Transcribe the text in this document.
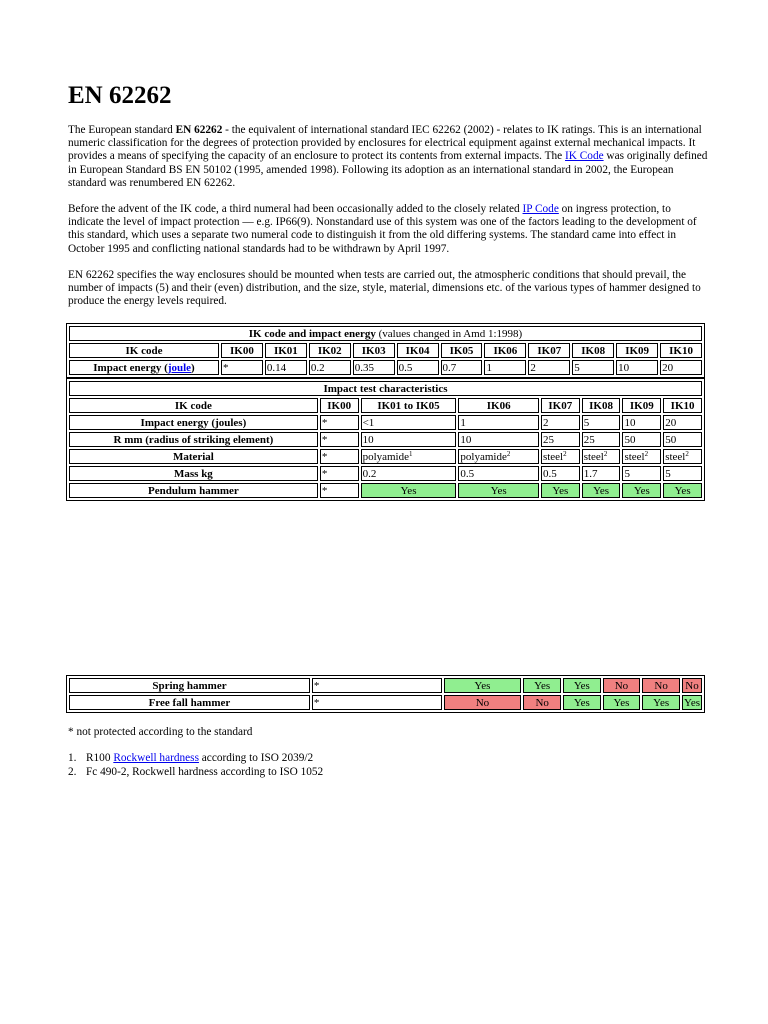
EN 62262

The European standard EN 62262 - the equivalent of international standard IEC 62262 (2002) - relates to IK ratings. This is an international numeric classification for the degrees of protection provided by enclosures for electrical equipment against external mechanical impacts. It provides a means of specifying the capacity of an enclosure to protect its contents from external impacts. The IK Code was originally defined in European Standard BS EN 50102 (1995, amended 1998). Following its adoption as an international standard in 2002, the European standard was renumbered EN 62262.

Before the advent of the IK code, a third numeral had been occasionally added to the closely related IP Code on ingress protection, to indicate the level of impact protection — e.g. IP66(9). Nonstandard use of this system was one of the factors leading to the development of this standard, which uses a separate two numeral code to distinguish it from the old differing systems. The standard came into effect in October 1995 and conflicting national standards had to be withdrawn by April 1997.

EN 62262 specifies the way enclosures should be mounted when tests are carried out, the atmospheric conditions that should prevail, the number of impacts (5) and their (even) distribution, and the size, style, material, dimensions etc. of the various types of hammer designed to produce the energy levels required.

IK code and impact energy (values changed in Amd 1:1998)											
IK code	IK00	IK01	IK02	IK03	IK04	IK05	IK06	IK07	IK08	IK09	IK10
Impact energy (joule)	*	0.14	0.2	0.35	0.5	0.7	1	2	5	10	20
Impact test characteristics							
IK code	IK00	IK01 to IK05	IK06	IK07	IK08	IK09	IK10
Impact energy (joules)	*	<1	1	2	5	10	20
R mm (radius of striking element)	*	10	10	25	25	50	50
Material	*	polyamide$^1$	polyamide$^2$	steel$^2$	steel$^2$	steel$^2$	steel$^2$
Mass kg	*	0.2	0.5	0.5	1.7	5	5
Pendulum hammer	*	Yes	Yes	Yes	Yes	Yes	Yes
Spring hammer	*	Yes	Yes	Yes	No	No	No
Free fall hammer	*	No	No	Yes	Yes	Yes	Yes

* not protected according to the standard

1. R100 Rockwell hardness according to ISO 2039/2
2. Fc 490-2, Rockwell hardness according to ISO 1052
